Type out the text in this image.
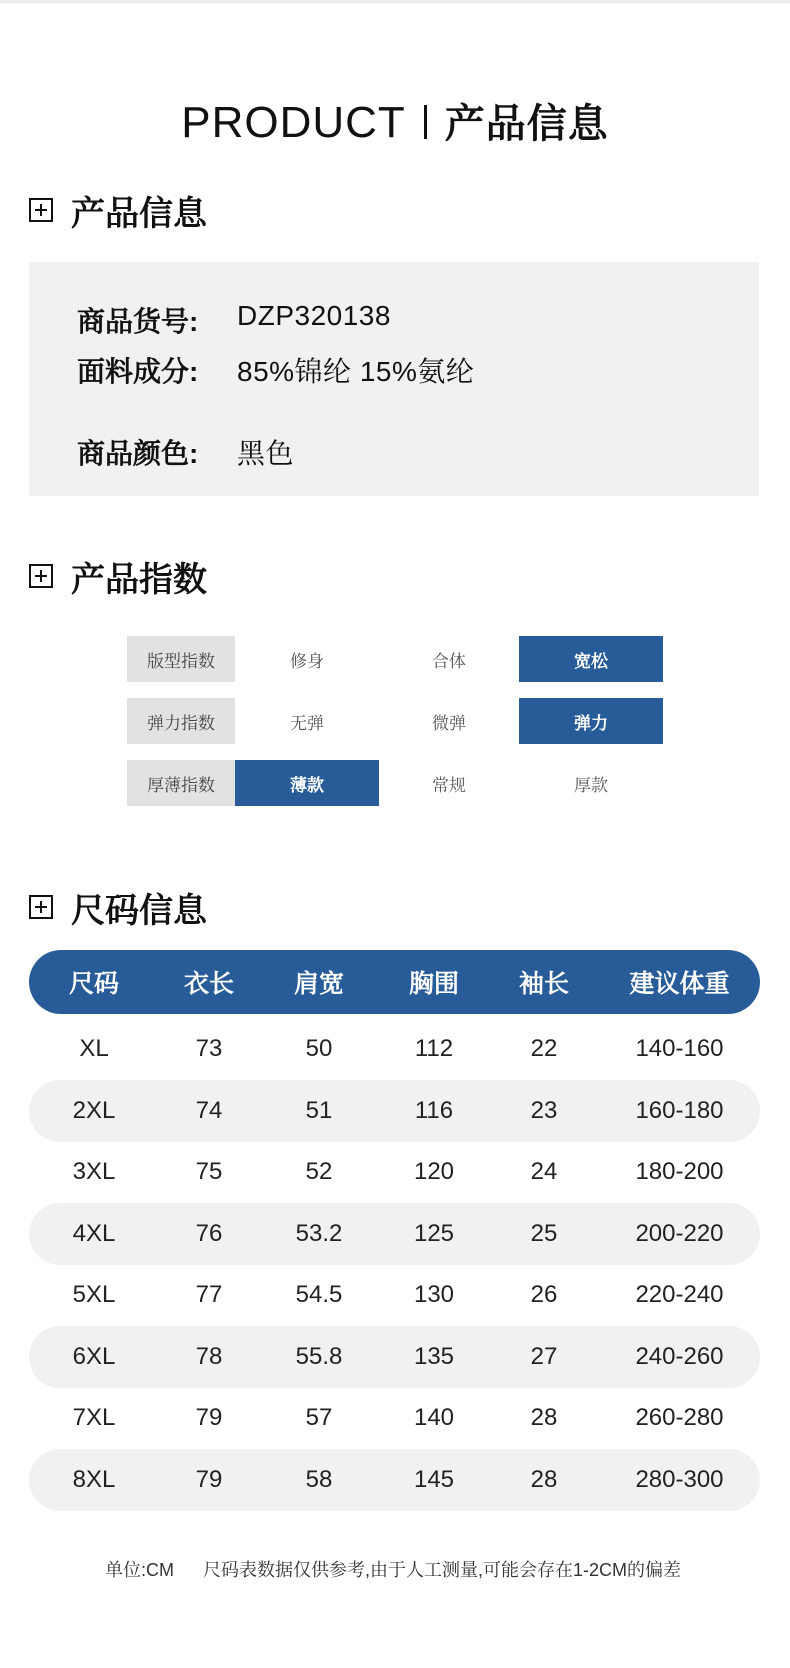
PRODUCT 产品信息
产品信息
商品货号:	DZP320138
面料成分:	85%锦纶 15%氨纶
商品颜色:	黑色
产品指数
版型指数	修身	合体	宽松
弹力指数	无弹	微弹	弹力
厚薄指数	薄款	常规	厚款
尺码信息
尺码	衣长	肩宽	胸围	袖长	建议体重
XL	73	50	112	22	140-160
2XL	74	51	116	23	160-180
3XL	75	52	120	24	180-200
4XL	76	53.2	125	25	200-220
5XL	77	54.5	130	26	220-240
6XL	78	55.8	135	27	240-260
7XL	79	57	140	28	260-280
8XL	79	58	145	28	280-300
单位:CM 尺码表数据仅供参考,由于人工测量,可能会存在1-2CM的偏差
